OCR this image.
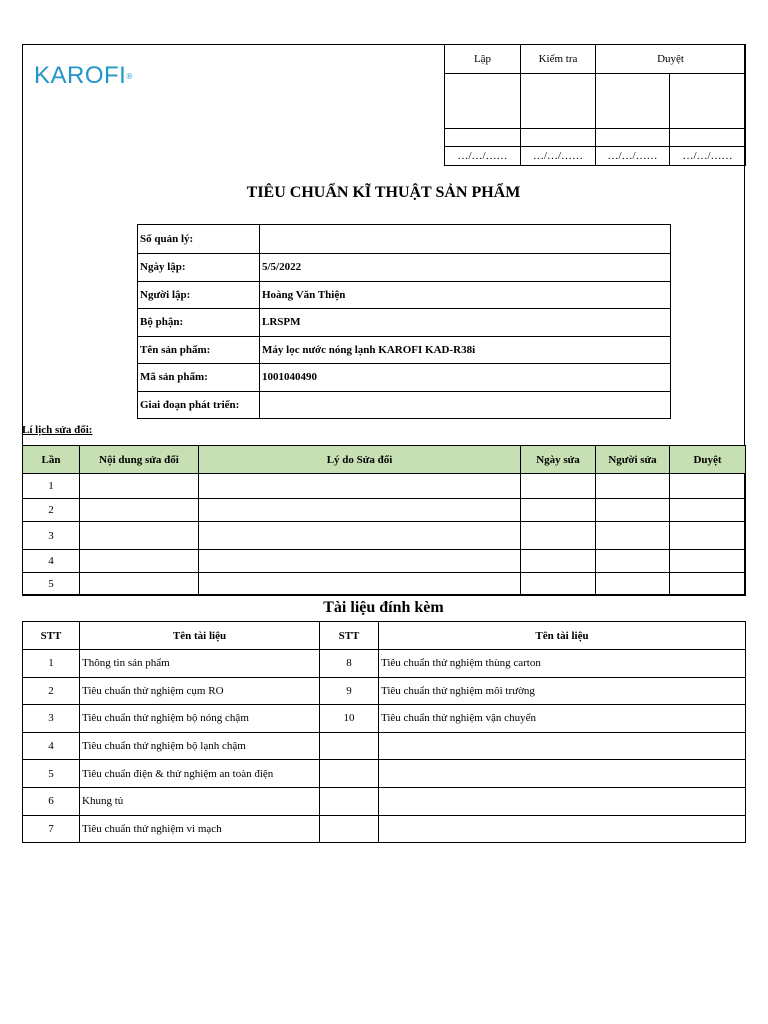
KAROFI®
Lập	Kiểm tra	Duyệt	

…/…/……	…/…/……	…/…/……	…/…/……
TIÊU CHUẨN KĨ THUẬT SẢN PHẨM
Số quản lý:	
Ngày lập:	5/5/2022
Người lập:	Hoàng Văn Thiện
Bộ phận:	LRSPM
Tên sản phẩm:	Máy lọc nước nóng lạnh KAROFI KAD-R38i
Mã sản phẩm:	1001040490
Giai đoạn phát triển:	
Lí lịch sửa đổi:
Lần	Nội dung sửa đổi	Lý do Sửa đổi	Ngày sửa	Người sửa	Duyệt
1					
2					
3					
4					
5					
Tài liệu đính kèm
STT	Tên tài liệu	STT	Tên tài liệu
1	Thông tin sản phẩm	8	Tiêu chuẩn thử nghiệm thùng carton
2	Tiêu chuẩn thử nghiệm cụm RO	9	Tiêu chuẩn thử nghiệm môi trường
3	Tiêu chuẩn thử nghiệm bộ nóng chậm	10	Tiêu chuẩn thử nghiệm vận chuyển
4	Tiêu chuẩn thử nghiệm bộ lạnh chậm		
5	Tiêu chuẩn điện & thử nghiệm an toàn điện		
6	Khung tủ		
7	Tiêu chuẩn thử nghiệm vi mạch		
